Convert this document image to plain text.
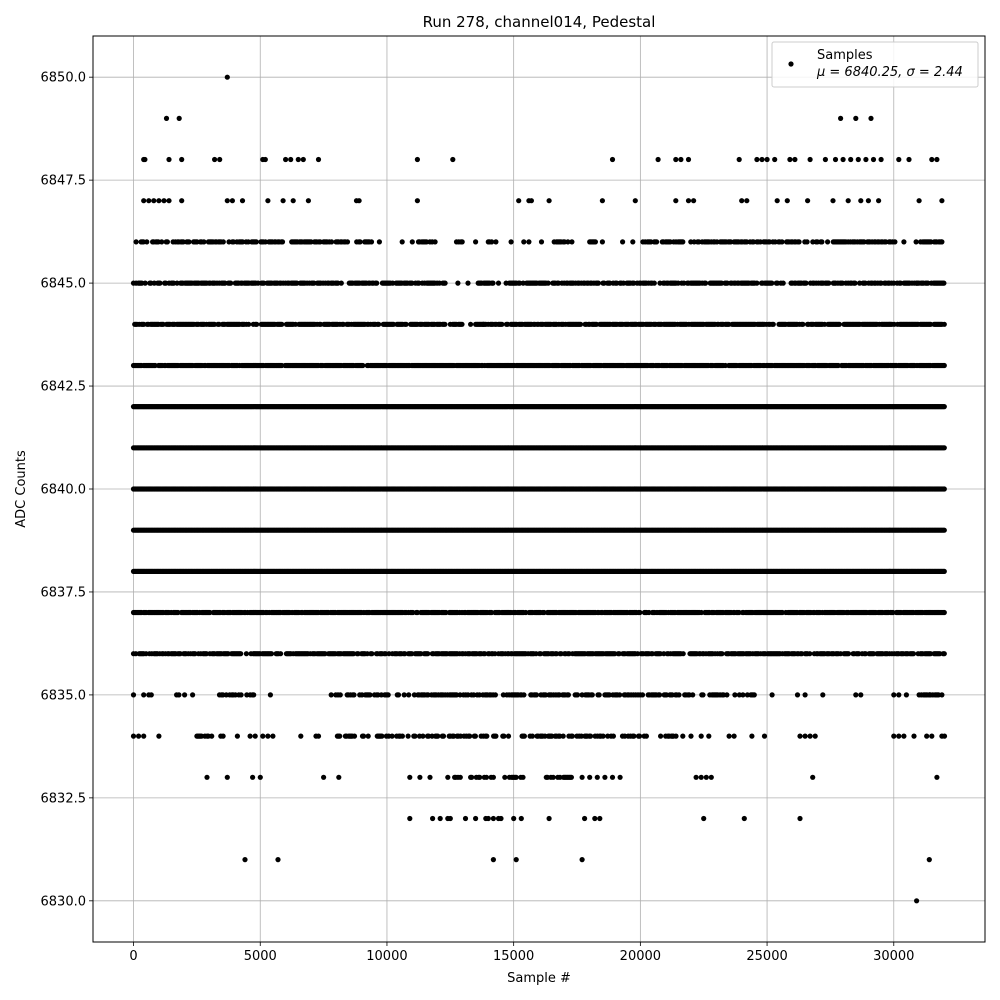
Run 278, channel014, Pedestal
0	5000	10000	15000	20000	25000	30000
6830.0
6832.5
6835.0
6837.5
6840.0
6842.5
6845.0
6847.5
6850.0
Sample #
ADC Counts
Samples
μ = 6840.25, σ = 2.44
